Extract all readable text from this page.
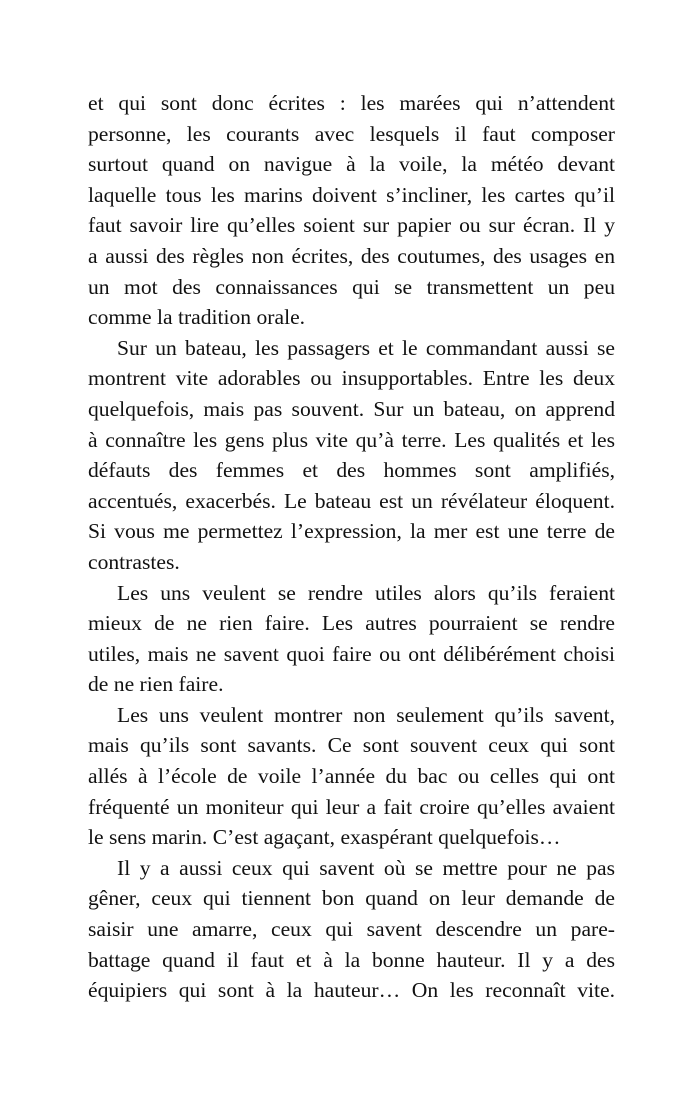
et qui sont donc écrites : les marées qui n’attendent
personne, les courants avec lesquels il faut composer
surtout quand on navigue à la voile, la météo devant
laquelle tous les marins doivent s’incliner, les cartes qu’il
faut savoir lire qu’elles soient sur papier ou sur écran. Il y
a aussi des règles non écrites, des coutumes, des usages en
un mot des connaissances qui se transmettent un peu
comme la tradition orale.

Sur un bateau, les passagers et le commandant aussi se
montrent vite adorables ou insupportables. Entre les deux
quelquefois, mais pas souvent. Sur un bateau, on apprend
à connaître les gens plus vite qu’à terre. Les qualités et les
défauts des femmes et des hommes sont amplifiés,
accentués, exacerbés. Le bateau est un révélateur éloquent.
Si vous me permettez l’expression, la mer est une terre de
contrastes.

Les uns veulent se rendre utiles alors qu’ils feraient
mieux de ne rien faire. Les autres pourraient se rendre
utiles, mais ne savent quoi faire ou ont délibérément choisi
de ne rien faire.

Les uns veulent montrer non seulement qu’ils savent,
mais qu’ils sont savants. Ce sont souvent ceux qui sont
allés à l’école de voile l’année du bac ou celles qui ont
fréquenté un moniteur qui leur a fait croire qu’elles avaient
le sens marin. C’est agaçant, exaspérant quelquefois…

Il y a aussi ceux qui savent où se mettre pour ne pas
gêner, ceux qui tiennent bon quand on leur demande de
saisir une amarre, ceux qui savent descendre un pare-
battage quand il faut et à la bonne hauteur. Il y a des
équipiers qui sont à la hauteur… On les reconnaît vite.
